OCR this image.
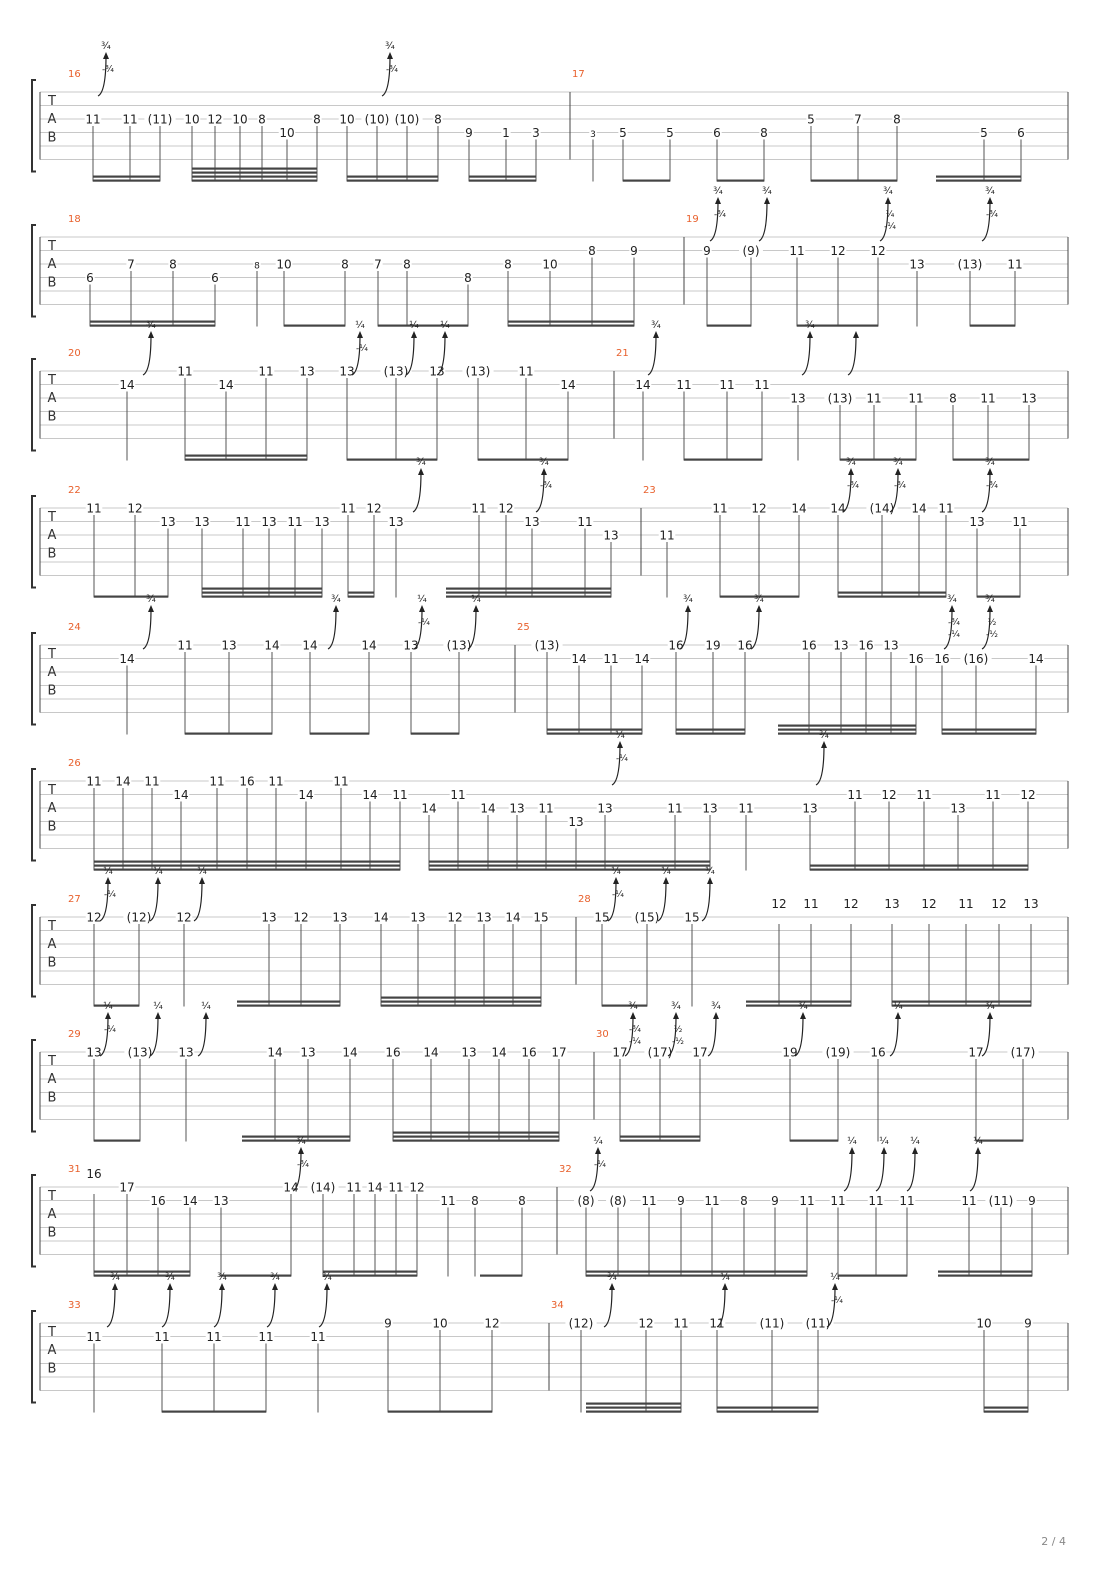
T
A
B
16	17
11 11 (11) 10 12 10 8
10
8 10 (10) (10) 8
9 1 3	3 5	5	6	8
5	7	8
5 6
¾
-¾
¾
-¾
T
A
B
18	19
6
7	8
6
8 10	8 7 8
8
8	10
8	9	9	(9) 11 12 12
13	(13) 11
¾
-¾
¾	¾
¼
-¼
¾
-¾
T
A
B
20	21
14
11
14
11 13 13 (13) 13 (13) 11
14	14 11 11 11
13 (13) 11 11 8 11 13
¾	¼
-¼
¼ ¼	¾	¾
T
A
B
22	23
11 12
13 13 11 13 11 13
11 12
13
11 12
13	11
13	11
11 12 14 14 (14) 14 11
13 11
¾	¾
-¾
¾
-¾
¾
-¾
¾
-¾
T
A
B
24	25
14
11 13 14 14	14 13 (13)	(13)
14 11 14
16 19 16	16 13 16 13
16 16 (16)	14
¾	¾	¼
-¼
¼	¾	¾	¾
-¾
-¼
¾
½
-½
T
A
B
26
11 14 11
14
11 16 11
14
11
14 11
14
11
14 13 11
13
13	11 13 11	13
11 12 11
13
11 12
¼
-¼
¾
T
A
B
27	28
12 (12) 12	13 12 13 14 13 12 13 14 15	15 (15) 15
12 11 12 13 12 11 12 13
¼
-¼
¼	¼	¼
-¼
¼	¼
T
A
B
29	30
13 (13) 13	14 13 14 16 14 13 14 16 17	17 (17) 17	19 (19) 16	17 (17)
¼
-¼
¼	¼	¾
-¾
-¼
¾
½
-½
¾	¾	¼	¾
T
A
B
31	32
16
17
16 14 13
14 (14) 11 14 11 12
11 8	8	(8) (8) 11 9 11 8 9 11 11 11 11	11 (11) 9
¾
-¾
¼
-¼
¼ ¼ ¼	¼
T
A
B
33	34
11	11	11	11	11
9	10	12	(12)	12 11 11	(11) (11)	10	9
¾	¾	¾	¾	¾	¾	¼	¼
-¼
2 / 4
